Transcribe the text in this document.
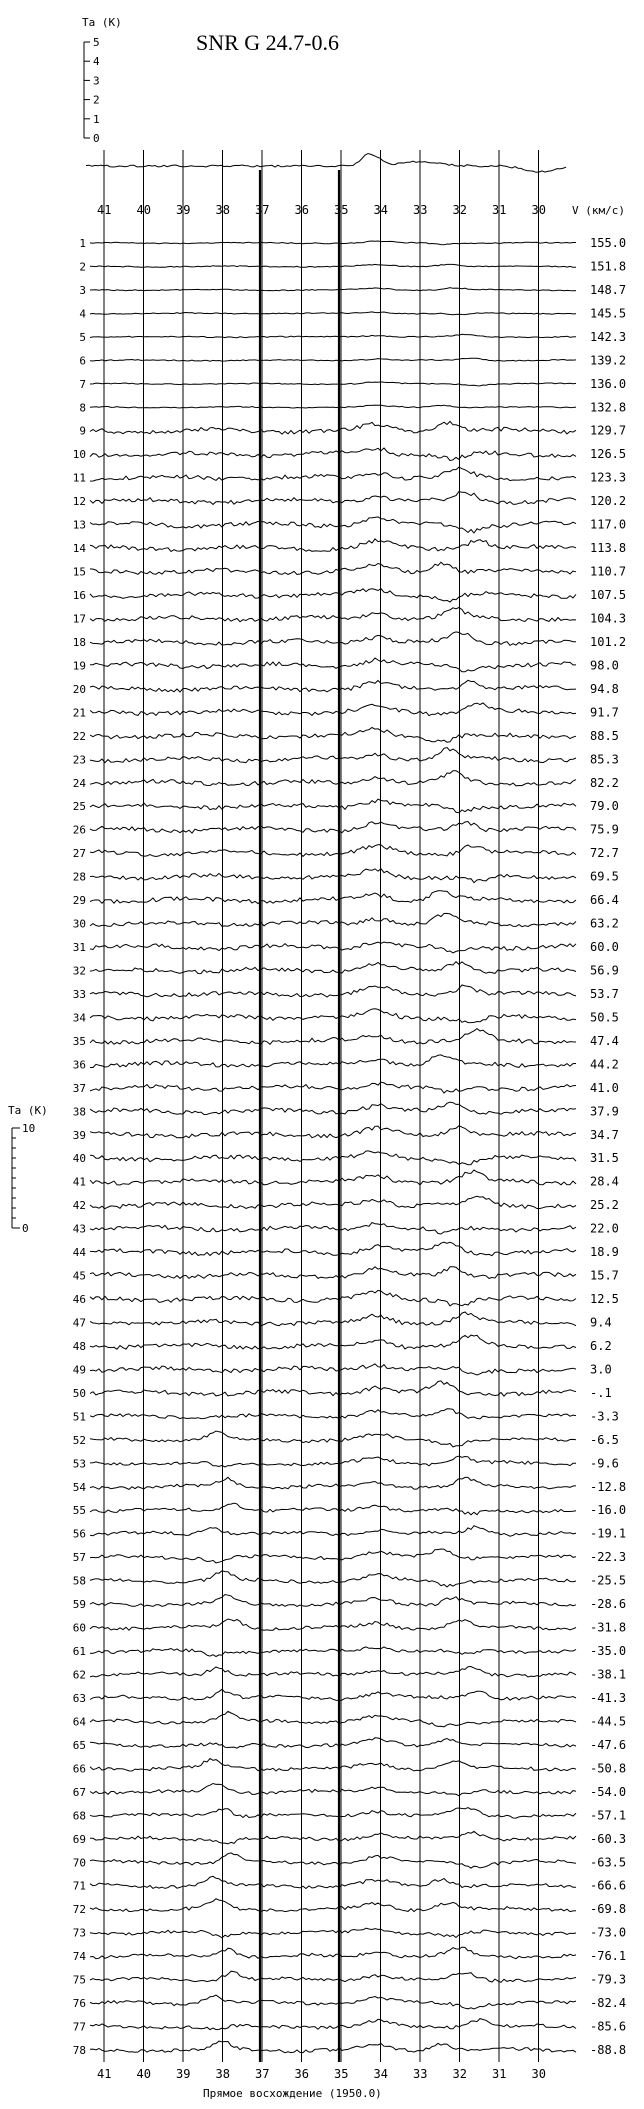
SNR G 24.7-0.6
Ta (K)
5
4
3
2
1
0
Ta (K)
10
0
41 40 39 38 37 36 35 34 33 32 31 30 V (км/с)
1	155.0
2	151.8
3	148.7
4	145.5
5	142.3
6	139.2
7	136.0
8	132.8
9	129.7
10	126.5
11	123.3
12	120.2
13	117.0
14	113.8
15	110.7
16	107.5
17	104.3
18	101.2
19	98.0
20	94.8
21	91.7
22	88.5
23	85.3
24	82.2
25	79.0
26	75.9
27	72.7
28	69.5
29	66.4
30	63.2
31	60.0
32	56.9
33	53.7
34	50.5
35	47.4
36	44.2
37	41.0
38	37.9
39	34.7
40	31.5
41	28.4
42	25.2
43	22.0
44	18.9
45	15.7
46	12.5
47	9.4
48	6.2
49	3.0
50	-.1
51	-3.3
52	-6.5
53	-9.6
54	-12.8
55	-16.0
56	-19.1
57	-22.3
58	-25.5
59	-28.6
60	-31.8
61	-35.0
62	-38.1
63	-41.3
64	-44.5
65	-47.6
66	-50.8
67	-54.0
68	-57.1
69	-60.3
70	-63.5
71	-66.6
72	-69.8
73	-73.0
74	-76.1
75	-79.3
76	-82.4
77	-85.6
78	-88.8
41 40 39 38 37 36 35 34 33 32 31 30
Прямое восхождение (1950.0)
